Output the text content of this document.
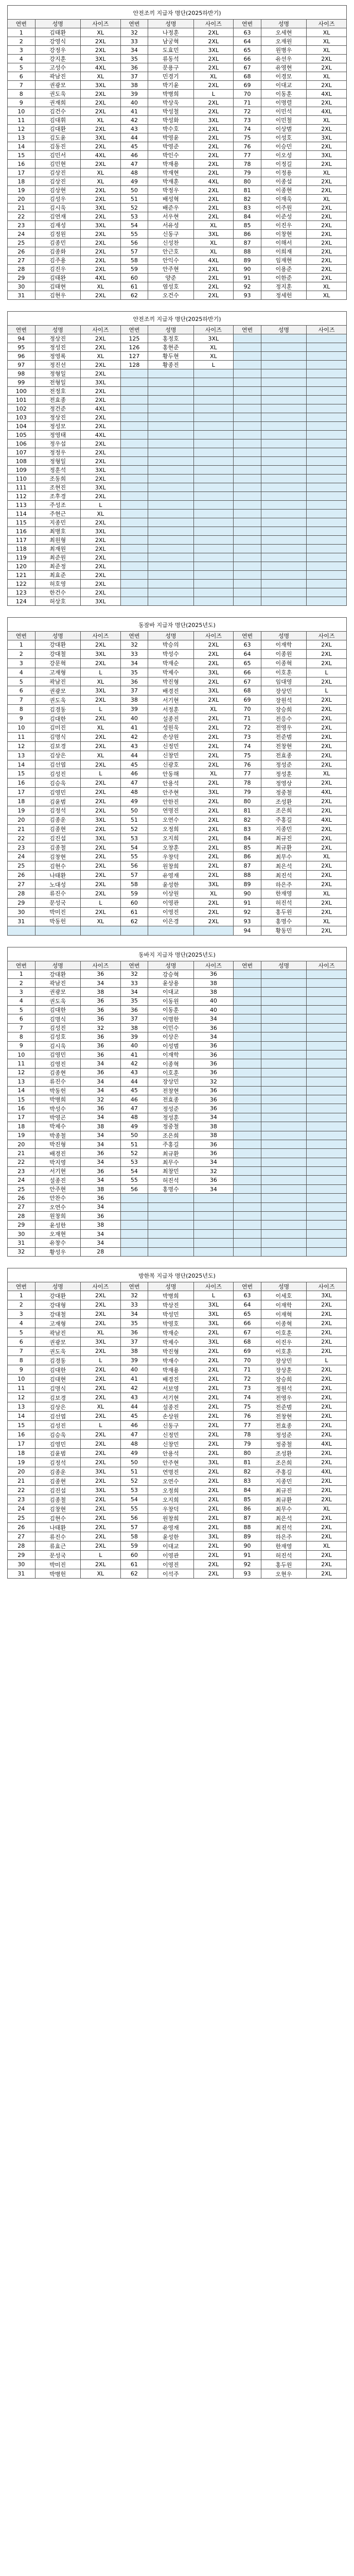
안전조끼 지급자 명단(2025하반기)								
연번	성명	사이즈	연번	성명	사이즈	연번	성명	사이즈
1	김태환	XL	32	나정훈	2XL	63	오세현	XL
2	강영식	2XL	33	남궁혁	2XL	64	오재원	XL
3	강정우	2XL	34	도효민	3XL	65	원병우	XL
4	강지훈	3XL	35	류동석	2XL	66	유선우	2XL
5	고성수	4XL	36	문용구	2XL	67	유영현	2XL
6	곽남진	XL	37	민경기	XL	68	이경모	XL
7	권광모	3XL	38	박기윤	2XL	69	이대교	2XL
8	권도욱	2XL	39	박병희	L	70	이동훈	4XL
9	권재희	2XL	40	박상욱	2XL	71	이명렬	2XL
10	김건수	2XL	41	박성철	2XL	72	이민석	4XL
11	김대휘	XL	42	박성화	3XL	73	이민철	XL
12	김대환	2XL	43	박수호	2XL	74	이상범	2XL
13	김도윤	3XL	44	박영윤	2XL	75	이성호	3XL
14	김동진	2XL	45	박영준	2XL	76	이승민	2XL
15	김민서	4XL	46	박인수	2XL	77	이오성	3XL
16	김민현	2XL	47	박재용	2XL	78	이정길	2XL
17	김상진	XL	48	박재현	2XL	79	이정용	XL
18	김상진	XL	49	박재훈	4XL	80	이종섭	2XL
19	김상현	2XL	50	박정우	2XL	81	이종현	2XL
20	김성우	2XL	51	배성혁	2XL	82	이재욱	XL
21	김시욱	3XL	52	배준우	2XL	83	이주원	2XL
22	김연재	2XL	53	서우현	2XL	84	이준성	2XL
23	김재성	3XL	54	서유성	XL	85	이진우	2XL
24	김정원	2XL	55	신동구	3XL	86	이창현	2XL
25	김종민	2XL	56	신성찬	XL	87	이해서	2XL
26	김종화	2XL	57	안근호	XL	88	이희재	2XL
27	김주용	2XL	58	안익수	4XL	89	임재현	2XL
28	김진우	2XL	59	안주현	2XL	90	이용준	2XL
29	김태완	4XL	60	양준	2XL	91	이한준	2XL
30	김태현	XL	61	염성호	2XL	92	정지훈	XL
31	김현우	2XL	62	오건수	2XL	93	정세헌	XL
안전조끼 지급자 명단(2025하반기)								
연번	성명	사이즈	연번	성명	사이즈	연번	성명	사이즈
94	정상진	2XL	125	홍정호	3XL			
95	정성진	2XL	126	홍현준	XL			
96	정영록	XL	127	황두현	XL			
97	정진선	2XL	128	황종진	L			
98	정형일	2XL						
99	전형일	3XL						
100	전정호	2XL						
101	전효종	2XL						
102	정건준	4XL						
103	정상진	2XL						
104	정성모	2XL						
105	정영태	4XL						
106	정우섭	2XL						
107	정정우	2XL						
108	정형일	2XL						
109	정훈석	3XL						
110	조동희	2XL						
111	조현진	3XL						
112	조후경	2XL						
113	주성조	L						
114	주현근	XL						
115	지종민	2XL						
116	최병호	3XL						
117	최원형	2XL						
118	최재원	2XL						
119	최준원	2XL						
120	최준정	2XL						
121	최효준	2XL						
122	허호영	2XL						
123	한건수	2XL						
124	허상호	3XL						
동잠바 지급자 명단(2025년도)								
연번	성명	사이즈	연번	성명	사이즈	연번	성명	사이즈
1	강대환	2XL	32	박승의	2XL	63	이재학	2XL
2	강대철	3XL	33	박성수	2XL	64	이종원	2XL
3	강문혁	2XL	34	박재순	2XL	65	이종혁	2XL
4	고재형	L	35	박제수	3XL	66	이호훈	L
5	곽남진	XL	36	박진형	2XL	67	임대영	2XL
6	권광모	3XL	37	배경진	3XL	68	장상민	L
7	권도욱	2XL	38	서기현	2XL	69	장원석	2XL
8	김경동	L	39	서정훈	XL	70	장승희	2XL
9	김대한	2XL	40	설종진	2XL	71	전응수	2XL
10	김미진	XL	41	성원욱	2XL	72	전영우	2XL
11	김명식	2XL	42	손상원	2XL	73	전준범	2XL
12	김보경	2XL	43	신정민	2XL	74	전창현	2XL
13	김상은	XL	44	신창민	2XL	75	전효종	2XL
14	김선엽	2XL	45	신광호	2XL	76	정성준	2XL
15	김성진	L	46	안동해	XL	77	정성훈	XL
16	김승욱	2XL	47	안용석	2XL	78	정영상	2XL
17	김영민	2XL	48	안주현	3XL	79	정중철	4XL
18	김윤범	2XL	49	안한진	2XL	80	조성환	2XL
19	김정석	2XL	50	연명진	2XL	81	조은희	2XL
20	김종운	3XL	51	오연수	2XL	82	주홍길	4XL
21	김종현	2XL	52	오정희	2XL	83	지종민	2XL
22	김진섭	3XL	53	오지희	2XL	84	최규진	2XL
23	김종철	2XL	54	오창훈	2XL	85	최규환	2XL
24	김창현	2XL	55	우창덕	2XL	86	최무수	XL
25	김현수	2XL	56	원창희	2XL	87	최은석	2XL
26	나태환	2XL	57	유영재	2XL	88	최진석	2XL
27	노대성	2XL	58	윤성한	3XL	89	하은주	2XL
28	류진수	2XL	59	이상원	XL	90	한재영	XL
29	문성국	L	60	이영관	2XL	91	허진석	2XL
30	박미진	2XL	61	이영진	2XL	92	홍두원	2XL
31	박동헌	XL	62	이은경	2XL	93	홍명수	XL
						94	황동민	2XL
동바지 지급자 명단(2025년도)								
연번	성명	사이즈	연번	성명	사이즈	연번	성명	사이즈
1	강대환	36	32	강승혁	36			
2	곽남진	34	33	윤상용	38			
3	권광모	38	34	이대교	38			
4	권도욱	36	35	이동원	40			
5	김대한	36	36	이동훈	40			
6	김명식	36	37	이명한	34			
7	김성진	32	38	이민수	36			
8	김성호	36	39	이상은	34			
9	김시욱	36	40	이성범	36			
10	김영민	36	41	이재학	36			
11	김영진	34	42	이종혁	36			
12	김종현	36	43	이호훈	36			
13	류진수	34	44	장상민	32			
14	박동헌	34	45	전창현	36			
15	박병희	32	46	전효종	36			
16	박성수	36	47	정성준	36			
17	박영곤	34	48	정성훈	34			
18	박제수	38	49	정중철	38			
19	박종철	34	50	조은희	38			
20	박진형	34	51	주홍길	36			
21	배경진	36	52	최규환	36			
22	박지영	34	53	최무수	34			
23	서기현	36	54	최창민	32			
24	설종진	34	55	허진석	36			
25	안주현	38	56	홍명수	34			
26	안찬수	36						
27	오연수	34						
28	원창희	36						
29	윤성한	38						
30	오재현	34						
31	유창수	34						
32	황성우	28						
방한복 지급자 명단(2025년도)								
연번	성명	사이즈	연번	성명	사이즈	연번	성명	사이즈
1	강대환	2XL	32	박병희	L	63	이세호	3XL
2	강대형	2XL	33	박상진	3XL	64	이재학	2XL
3	강대철	2XL	34	박성민	3XL	65	이재혁	2XL
4	고재형	2XL	35	박영호	3XL	66	이종혁	2XL
5	곽남진	XL	36	박재순	2XL	67	이호훈	2XL
6	권광모	3XL	37	박제수	3XL	68	이진우	2XL
7	권도욱	2XL	38	박진형	2XL	69	이호훈	2XL
8	김경동	L	39	박재수	2XL	70	장상민	L
9	김대한	2XL	40	박재용	2XL	71	장상훈	2XL
10	김대현	2XL	41	배경진	2XL	72	장승희	2XL
11	김명식	2XL	42	서보영	2XL	73	정원석	2XL
12	김보경	2XL	43	서기현	2XL	74	전영우	2XL
13	김상은	XL	44	설종진	2XL	75	전준범	2XL
14	김선엽	2XL	45	손상원	2XL	76	전창현	2XL
15	김성진	L	46	신동구	2XL	77	전효종	2XL
16	김승욱	2XL	47	신정민	2XL	78	정성준	2XL
17	김영민	2XL	48	신창민	2XL	79	정중철	4XL
18	김윤범	2XL	49	안용석	2XL	80	조성환	2XL
19	김정석	2XL	50	안주현	3XL	81	조은희	2XL
20	김종운	3XL	51	연명진	2XL	82	주홍길	4XL
21	김종현	2XL	52	오연수	2XL	83	지종민	2XL
22	김진섭	3XL	53	오정희	2XL	84	최규진	2XL
23	김종철	2XL	54	오지희	2XL	85	최규환	2XL
24	김창현	2XL	55	우창덕	2XL	86	최무수	XL
25	김현수	2XL	56	원창희	2XL	87	최은석	2XL
26	나태환	2XL	57	유영재	2XL	88	최진석	2XL
27	류진수	2XL	58	윤성한	3XL	89	하은주	2XL
28	류효근	2XL	59	이대교	2XL	90	한재영	XL
29	문성국	L	60	이영관	2XL	91	허진석	2XL
30	박미진	2XL	61	이영진	2XL	92	홍두원	2XL
31	박병헌	XL	62	이석주	2XL	93	오현우	2XL
